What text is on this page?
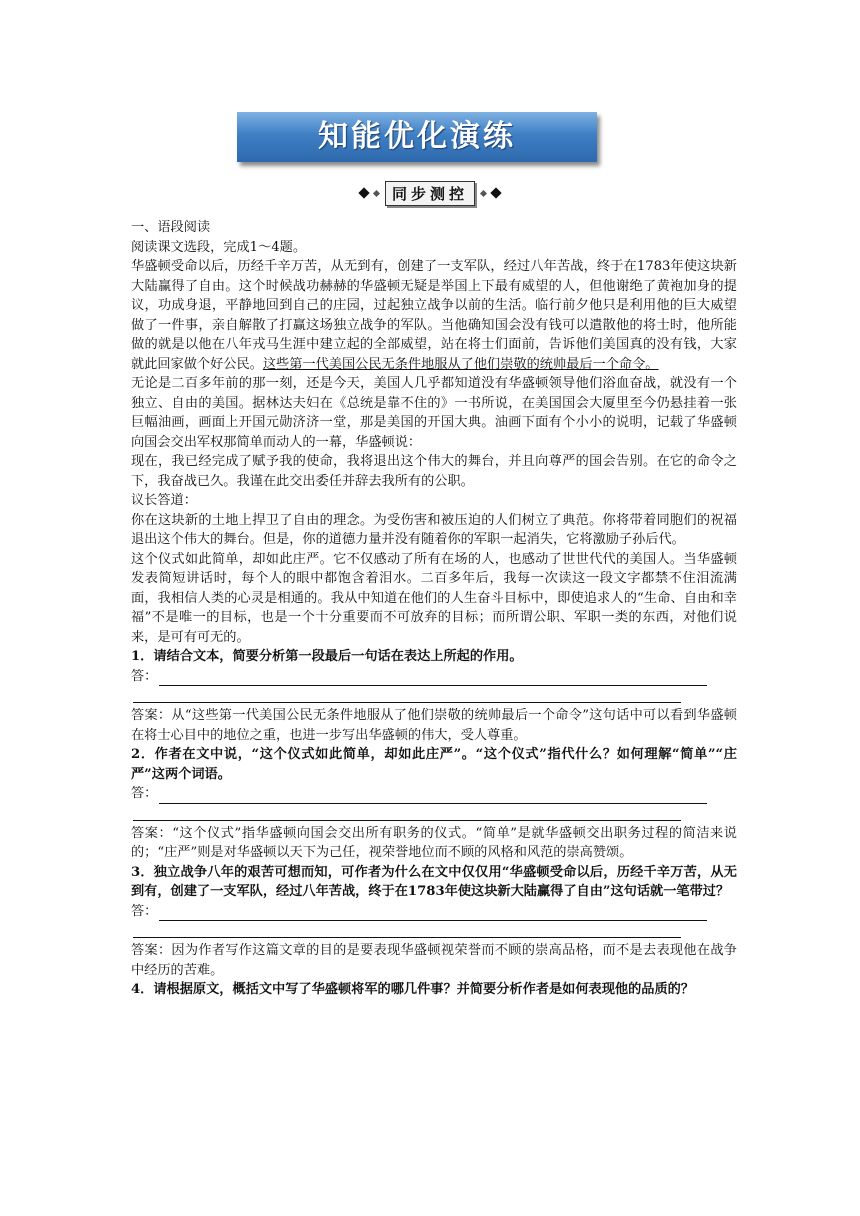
知能优化演练
同步测控

一、语段阅读

阅读课文选段，完成1～4题。

华盛顿受命以后，历经千辛万苦，从无到有，创建了一支军队，经过八年苦战，终于在1783年使这块新大陆赢得了自由。这个时候战功赫赫的华盛顿无疑是举国上下最有威望的人，但他谢绝了黄袍加身的提议，功成身退，平静地回到自己的庄园，过起独立战争以前的生活。临行前夕他只是利用他的巨大威望做了一件事，亲自解散了打赢这场独立战争的军队。当他确知国会没有钱可以遣散他的将士时，他所能做的就是以他在八年戎马生涯中建立起的全部威望，站在将士们面前，告诉他们美国真的没有钱，大家就此回家做个好公民。这些第一代美国公民无条件地服从了他们崇敬的统帅最后一个命令。

无论是二百多年前的那一刻，还是今天，美国人几乎都知道没有华盛顿领导他们浴血奋战，就没有一个独立、自由的美国。据林达夫妇在《总统是靠不住的》一书所说，在美国国会大厦里至今仍悬挂着一张巨幅油画，画面上开国元勋济济一堂，那是美国的开国大典。油画下面有个小小的说明，记载了华盛顿向国会交出军权那简单而动人的一幕，华盛顿说：

现在，我已经完成了赋予我的使命，我将退出这个伟大的舞台，并且向尊严的国会告别。在它的命令之下，我奋战已久。我谨在此交出委任并辞去我所有的公职。

议长答道：

你在这块新的土地上捍卫了自由的理念。为受伤害和被压迫的人们树立了典范。你将带着同胞们的祝福退出这个伟大的舞台。但是，你的道德力量并没有随着你的军职一起消失，它将激励子孙后代。

这个仪式如此简单，却如此庄严。它不仅感动了所有在场的人，也感动了世世代代的美国人。当华盛顿发表简短讲话时，每个人的眼中都饱含着泪水。二百多年后，我每一次读这一段文字都禁不住泪流满面，我相信人类的心灵是相通的。我从中知道在他们的人生奋斗目标中，即使追求人的“生命、自由和幸福”不是唯一的目标，也是一个十分重要而不可放弃的目标；而所谓公职、军职一类的东西，对他们说来，是可有可无的。

1．请结合文本，简要分析第一段最后一句话在表达上所起的作用。

答：

答案：从“这些第一代美国公民无条件地服从了他们崇敬的统帅最后一个命令”这句话中可以看到华盛顿在将士心目中的地位之重，也进一步写出华盛顿的伟大，受人尊重。

2．作者在文中说，“这个仪式如此简单，却如此庄严”。“这个仪式”指代什么？如何理解“简单”“庄严”这两个词语。

答：

答案：“这个仪式”指华盛顿向国会交出所有职务的仪式。“简单”是就华盛顿交出职务过程的简洁来说的；“庄严”则是对华盛顿以天下为己任，视荣誉地位而不顾的风格和风范的崇高赞颂。

3．独立战争八年的艰苦可想而知，可作者为什么在文中仅仅用“华盛顿受命以后，历经千辛万苦，从无到有，创建了一支军队，经过八年苦战，终于在1783年使这块新大陆赢得了自由”这句话就一笔带过？

答：

答案：因为作者写作这篇文章的目的是要表现华盛顿视荣誉而不顾的崇高品格，而不是去表现他在战争中经历的苦难。

4．请根据原文，概括文中写了华盛顿将军的哪几件事？并简要分析作者是如何表现他的品质的？
